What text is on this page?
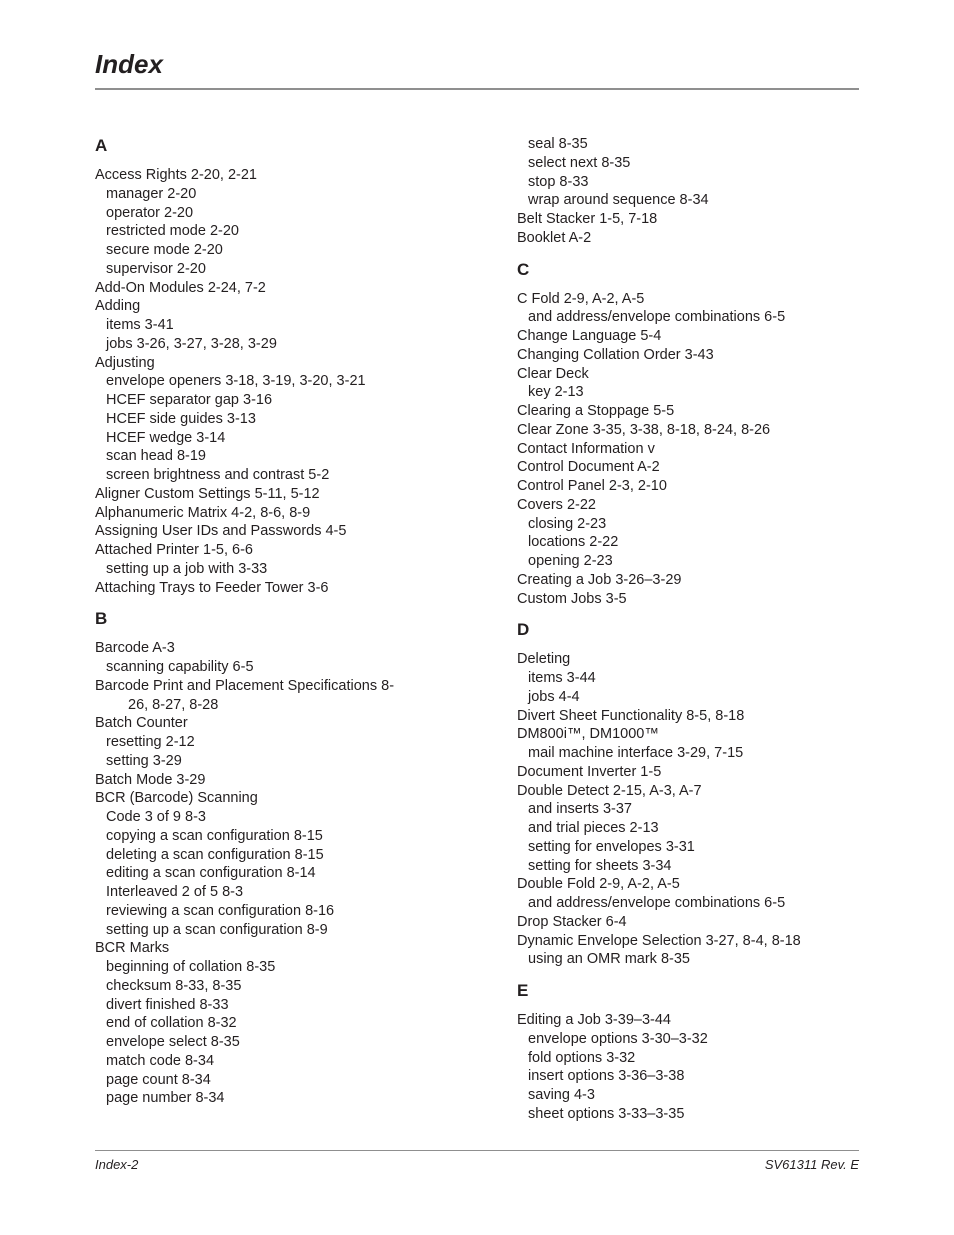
Index
A

Access Rights 2-20, 2-21

manager 2-20

operator 2-20

restricted mode 2-20

secure mode 2-20

supervisor 2-20

Add-On Modules 2-24, 7-2

Adding

items 3-41

jobs 3-26, 3-27, 3-28, 3-29

Adjusting

envelope openers 3-18, 3-19, 3-20, 3-21

HCEF separator gap 3-16

HCEF side guides 3-13

HCEF wedge 3-14

scan head 8-19

screen brightness and contrast 5-2

Aligner Custom Settings 5-11, 5-12

Alphanumeric Matrix 4-2, 8-6, 8-9

Assigning User IDs and Passwords 4-5

Attached Printer 1-5, 6-6

setting up a job with 3-33

Attaching Trays to Feeder Tower 3-6

B

Barcode A-3

scanning capability 6-5

Barcode Print and Placement Specifications 8-

26, 8-27, 8-28

Batch Counter

resetting 2-12

setting 3-29

Batch Mode 3-29

BCR (Barcode) Scanning

Code 3 of 9 8-3

copying a scan configuration 8-15

deleting a scan configuration 8-15

editing a scan configuration 8-14

Interleaved 2 of 5 8-3

reviewing a scan configuration 8-16

setting up a scan configuration 8-9

BCR Marks

beginning of collation 8-35

checksum 8-33, 8-35

divert finished 8-33

end of collation 8-32

envelope select 8-35

match code 8-34

page count 8-34

page number 8-34

seal 8-35

select next 8-35

stop 8-33

wrap around sequence 8-34

Belt Stacker 1-5, 7-18

Booklet A-2

C

C Fold 2-9, A-2, A-5

and address/envelope combinations 6-5

Change Language 5-4

Changing Collation Order 3-43

Clear Deck

key 2-13

Clearing a Stoppage 5-5

Clear Zone 3-35, 3-38, 8-18, 8-24, 8-26

Contact Information v

Control Document A-2

Control Panel 2-3, 2-10

Covers 2-22

closing 2-23

locations 2-22

opening 2-23

Creating a Job 3-26–3-29

Custom Jobs 3-5

D

Deleting

items 3-44

jobs 4-4

Divert Sheet Functionality 8-5, 8-18

DM800i™, DM1000™

mail machine interface 3-29, 7-15

Document Inverter 1-5

Double Detect 2-15, A-3, A-7

and inserts 3-37

and trial pieces 2-13

setting for envelopes 3-31

setting for sheets 3-34

Double Fold 2-9, A-2, A-5

and address/envelope combinations 6-5

Drop Stacker 6-4

Dynamic Envelope Selection 3-27, 8-4, 8-18

using an OMR mark 8-35

E

Editing a Job 3-39–3-44

envelope options 3-30–3-32

fold options 3-32

insert options 3-36–3-38

saving 4-3

sheet options 3-33–3-35

Index-2	SV61311 Rev. E
